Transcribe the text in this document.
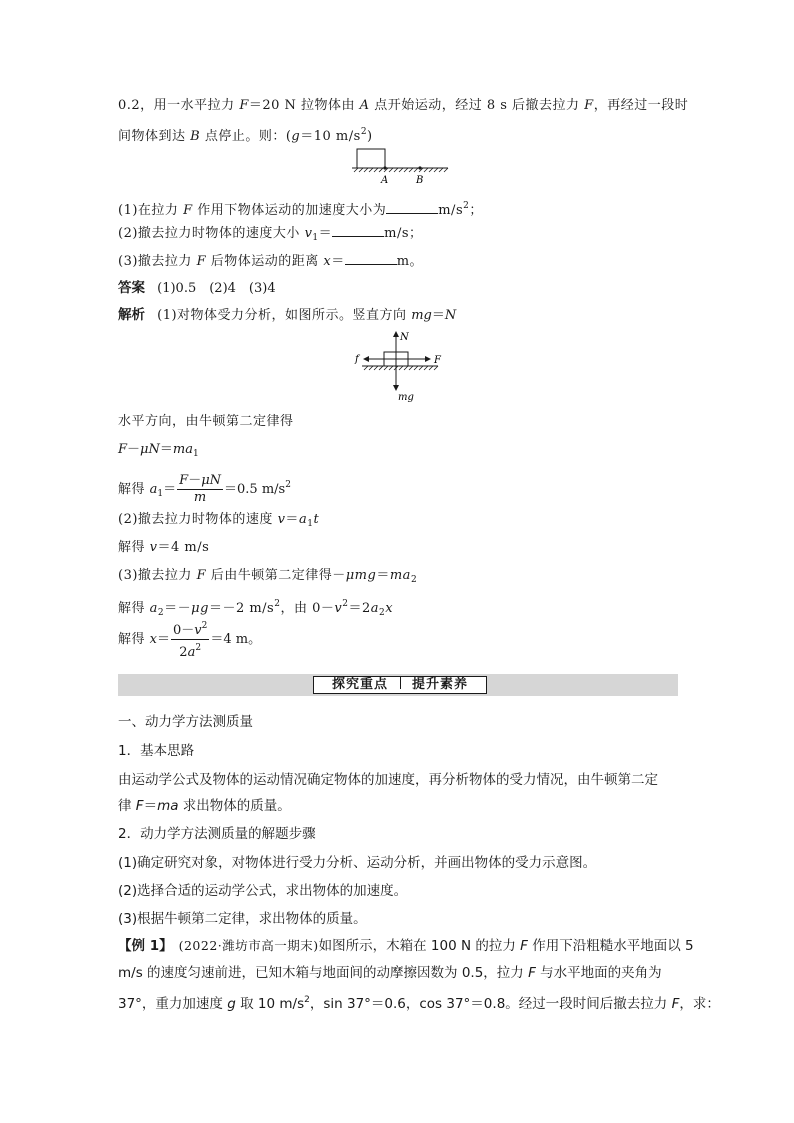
0.2，用一水平拉力 F＝20 N 拉物体由 A 点开始运动，经过 8 s 后撤去拉力 F，再经过一段时
间物体到达 B 点停止。则：(g＝10 $m/s^2$)
A	B
(1)在拉力 F 作用下物体运动的加速度大小为	$m/s^2$；
(2)撤去拉力时物体的速度大小 $v_1=$	m/s；
(3)撤去拉力 F 后物体运动的距离 x＝	m。
答案 (1)0.5　(2)4　(3)4
解析 (1)对物体受力分析，如图所示。竖直方向 mg＝N
N
f	F
mg
水平方向，由牛顿第二定律得
$F-\mu N=ma_1$
解得 $a_1= \frac{F-\mu N}{m} =0.5$ $m/s^2$
(2)撤去拉力时物体的速度 $v=a_1t$
解得 v＝4 m/s
(3)撤去拉力 F 后由牛顿第二定律得$-\mu mg=ma_2$
解得 $a_2=-\mu g=-2$ $m/s^2$，由 $0-v^2=2a_2x$
解得 $x= \frac{0-v^2}{2a^2} =4$ m。
探究重点 提升素养
一、动力学方法测质量
1．基本思路
由运动学公式及物体的运动情况确定物体的加速度，再分析物体的受力情况，由牛顿第二定
律 F＝ma 求出物体的质量。
2．动力学方法测质量的解题步骤
(1)确定研究对象，对物体进行受力分析、运动分析，并画出物体的受力示意图。
(2)选择合适的运动学公式，求出物体的加速度。
(3)根据牛顿第二定律，求出物体的质量。
【例 1】 (2022·潍坊市高一期末)如图所示，木箱在 100 N 的拉力 F 作用下沿粗糙水平地面以 5
m/s 的速度匀速前进，已知木箱与地面间的动摩擦因数为 0.5，拉力 F 与水平地面的夹角为
37°，重力加速度 g 取 10 $m/s^2$，sin 37°＝0.6，cos 37°＝0.8。经过一段时间后撤去拉力 F，求：
